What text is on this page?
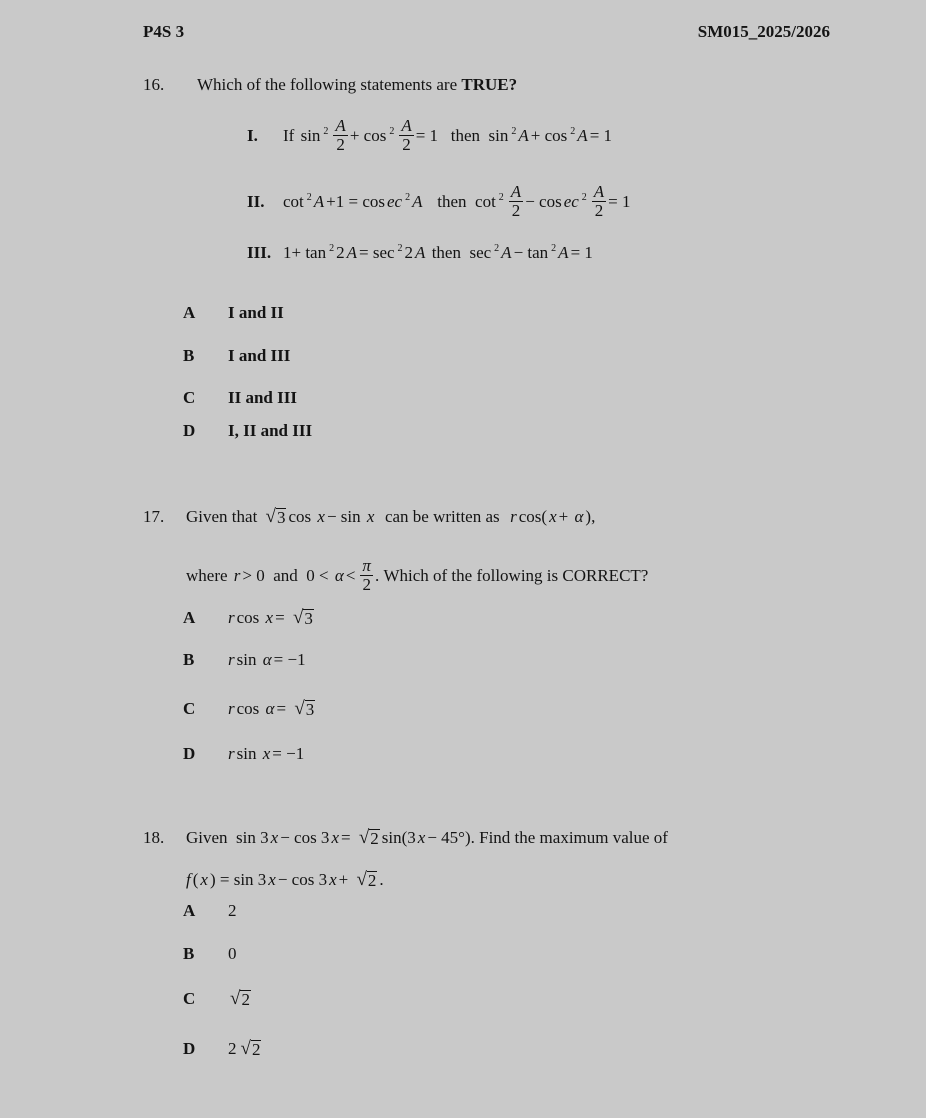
P4S 3	SM015_2025/2026
16. Which of the following statements are
TRUE?
I.	If $\sin 2 \frac{A}{2} + \cos 2 \frac{A}{2} = 1$   then  sin 2 A + cos 2 A = 1
II.	cot 2 A +1 = cos ec 2 A then  $\cot 2 \frac{A}{2} - \cos$ ec $2 \frac{A}{2} = 1$
III. 1+ tan 2 2 A = sec 2 2 A then  sec 2 A − tan 2 A = 1
A	I and II
B	I and III
C	II and III
D	I, II and III
17. Given that √ 3 cos x − sin x can be written as r cos( x + α ),
where r > 0  and  $0 < \alpha < \frac{\pi}{2}$ . Which of the following is CORRECT?
A	r cos x = √ 3
B	r sin α = −1
C	r cos α = √ 3
D	r sin x = −1
18. Given  sin 3 x − cos 3 x = √ 2 sin(3 x − 45°). Find the maximum value of
f ( x ) = sin 3 x − cos 3 x + √ 2 .
A	2
B	0
C	√ 2
D	2 √ 2
